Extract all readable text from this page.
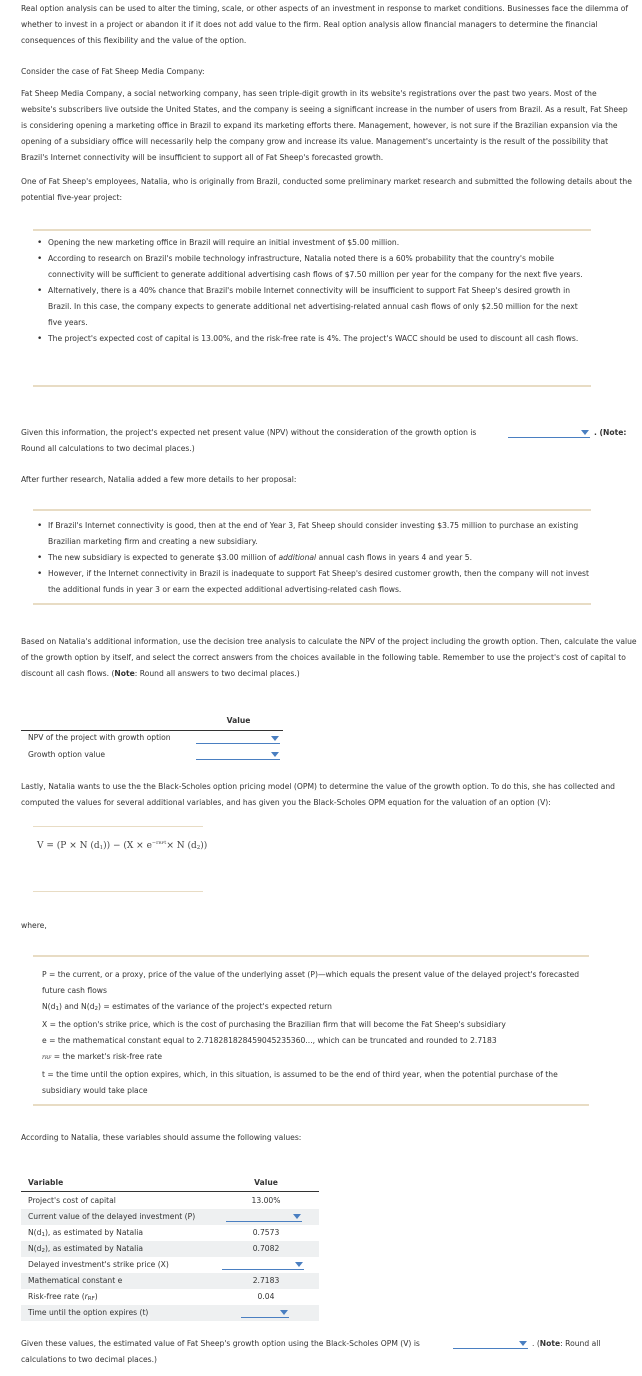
Real option analysis can be used to alter the timing, scale, or other aspects of an investment in response to market conditions. Businesses face the dilemma of whether to invest in a project or abandon it if it does not add value to the firm. Real option analysis allow financial managers to determine the financial consequences of this flexibility and the value of the option.
Consider the case of Fat Sheep Media Company:
Fat Sheep Media Company, a social networking company, has seen triple-digit growth in its website's registrations over the past two years. Most of the website's subscribers live outside the United States, and the company is seeing a significant increase in the number of users from Brazil. As a result, Fat Sheep is considering opening a marketing office in Brazil to expand its marketing efforts there. Management, however, is not sure if the Brazilian expansion via the opening of a subsidiary office will necessarily help the company grow and increase its value. Management's uncertainty is the result of the possibility that Brazil's Internet connectivity will be insufficient to support all of Fat Sheep's forecasted growth.
One of Fat Sheep's employees, Natalia, who is originally from Brazil, conducted some preliminary market research and submitted the following details about the potential five-year project:
• Opening the new marketing office in Brazil will require an initial investment of $5.00 million.
• According to research on Brazil's mobile technology infrastructure, Natalia noted there is a 60% probability that the country's mobile connectivity will be sufficient to generate additional advertising cash flows of $7.50 million per year for the company for the next five years.
• Alternatively, there is a 40% chance that Brazil's mobile Internet connectivity will be insufficient to support Fat Sheep's desired growth in Brazil. In this case, the company expects to generate additional net advertising-related annual cash flows of only $2.50 million for the next five years.
• The project's expected cost of capital is 13.00%, and the risk-free rate is 4%. The project's WACC should be used to discount all cash flows.
Given this information, the project's expected net present value (NPV) without the consideration of the growth option is	. (Note:
Round all calculations to two decimal places.)
After further research, Natalia added a few more details to her proposal:
• If Brazil's Internet connectivity is good, then at the end of Year 3, Fat Sheep should consider investing $3.75 million to purchase an existing Brazilian marketing firm and creating a new subsidiary.
• The new subsidiary is expected to generate $3.00 million of additional annual cash flows in years 4 and year 5.
• However, if the Internet connectivity in Brazil is inadequate to support Fat Sheep's desired customer growth, then the company will not invest the additional funds in year 3 or earn the expected additional advertising-related cash flows.
Based on Natalia's additional information, use the decision tree analysis to calculate the NPV of the project including the growth option. Then, calculate the value of the growth option by itself, and select the correct answers from the choices available in the following table. Remember to use the project's cost of capital to discount all cash flows. (Note: Round all answers to two decimal places.)
Value
NPV of the project with growth option
Growth option value
Lastly, Natalia wants to use the the Black-Scholes option pricing model (OPM) to determine the value of the growth option. To do this, she has collected and computed the values for several additional variables, and has given you the Black-Scholes OPM equation for the valuation of an option (V):
V = (P × N $(d1)) - (X \times e^{-rRFt}\times N$ (d2))
where,
P = the current, or a proxy, price of the value of the underlying asset (P)—which equals the present value of the delayed project's forecasted future cash flows
N(d1) and N(d2) = estimates of the variance of the project's expected return
X = the option's strike price, which is the cost of purchasing the Brazilian firm that will become the Fat Sheep's subsidiary
e = the mathematical constant equal to 2.718281828459045235360..., which can be truncated and rounded to 2.7183
rRF = the market's risk-free rate
t = the time until the option expires, which, in this situation, is assumed to be the end of third year, when the potential purchase of the subsidiary would take place
According to Natalia, these variables should assume the following values:
Variable	Value
Project's cost of capital	13.00%
Current value of the delayed investment (P)
N(d1), as estimated by Natalia	0.7573
N(d2), as estimated by Natalia	0.7082
Delayed investment's strike price (X)
Mathematical constant e	2.7183
Risk-free rate (rRF)	0.04
Time until the option expires (t)
Given these values, the estimated value of Fat Sheep's growth option using the Black-Scholes OPM (V) is	. (Note: Round all
calculations to two decimal places.)
